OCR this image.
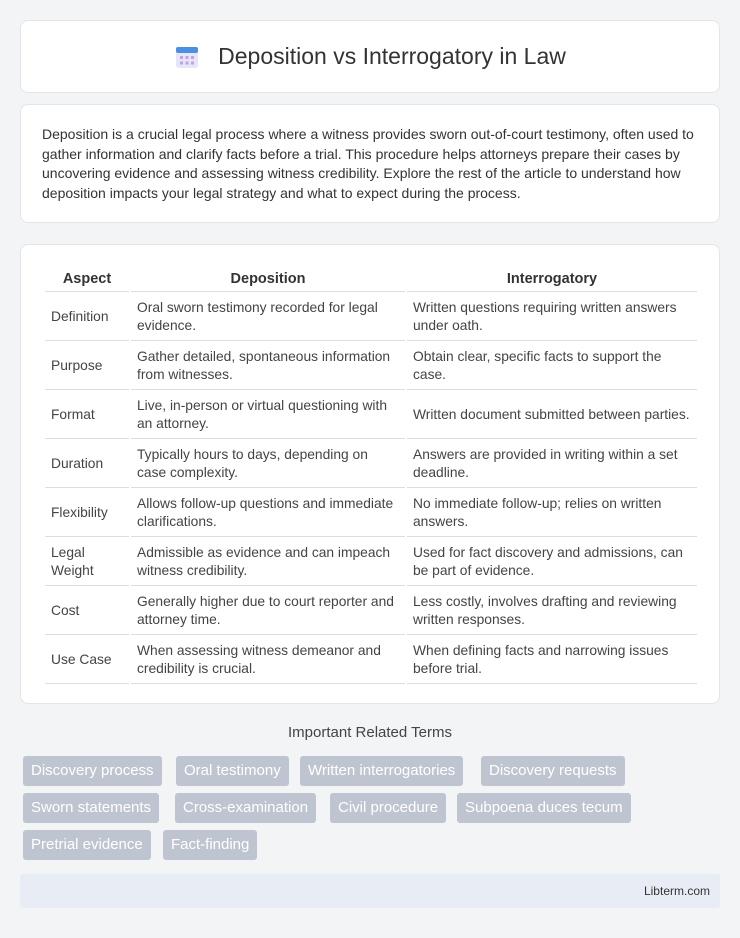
Deposition vs Interrogatory in Law

Deposition is a crucial legal process where a witness provides sworn out-of-court testimony, often used to gather information and clarify facts before a trial. This procedure helps attorneys prepare their cases by uncovering evidence and assessing witness credibility. Explore the rest of the article to understand how deposition impacts your legal strategy and what to expect during the process.

Aspect	Deposition	Interrogatory
Definition	Oral sworn testimony recorded for legal evidence.	Written questions requiring written answers under oath.
Purpose	Gather detailed, spontaneous information from witnesses.	Obtain clear, specific facts to support the case.
Format	Live, in-person or virtual questioning with an attorney.	Written document submitted between parties.
Duration	Typically hours to days, depending on case complexity.	Answers are provided in writing within a set deadline.
Flexibility	Allows follow-up questions and immediate clarifications.	No immediate follow-up; relies on written answers.
Legal Weight	Admissible as evidence and can impeach witness credibility.	Used for fact discovery and admissions, can be part of evidence.
Cost	Generally higher due to court reporter and attorney time.	Less costly, involves drafting and reviewing written responses.
Use Case	When assessing witness demeanor and credibility is crucial.	When defining facts and narrowing issues before trial.
Important Related Terms
Discovery process	Oral testimony	Written interrogatories	Discovery requests
Sworn statements	Cross-examination	Civil procedure	Subpoena duces tecum
Pretrial evidence	Fact-finding
Libterm.com
